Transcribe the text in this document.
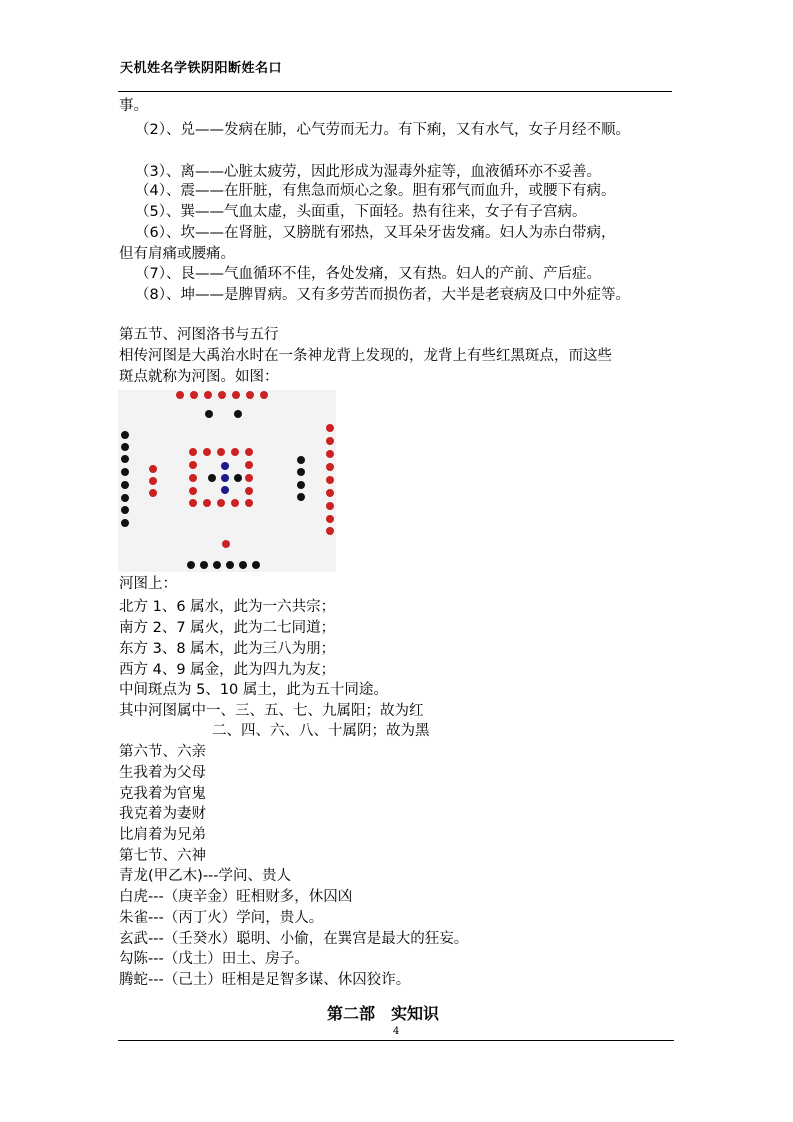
天机姓名学铁阴阳断姓名口
事。
（2）、兑——发病在肺，心气劳而无力。有下痢，又有水气，女子月经不顺。
（3）、离——心脏太疲劳，因此形成为湿毒外症等，血液循环亦不妥善。
（4）、震——在肝脏，有焦急而烦心之象。胆有邪气而血升，或腰下有病。
（5）、巽——气血太虚，头面重，下面轻。热有往来，女子有子宫病。
（6）、坎——在肾脏，又膀胱有邪热，又耳朵牙齿发痛。妇人为赤白带病，
但有肩痛或腰痛。
（7）、艮——气血循环不佳，各处发痛，又有热。妇人的产前、产后症。
（8）、坤——是脾胃病。又有多劳苦而损伤者，大半是老衰病及口中外症等。
第五节、河图洛书与五行
相传河图是大禹治水时在一条神龙背上发现的，龙背上有些红黑斑点，而这些
斑点就称为河图。如图：
河图上：
北方 1、6 属水，此为一六共宗；
南方 2、7 属火，此为二七同道；
东方 3、8 属木，此为三八为朋；
西方 4、9 属金，此为四九为友；
中间斑点为 5、10 属土，此为五十同途。
其中河图属中一、三、五、七、九属阳；故为红
二、四、六、八、十属阴；故为黑
第六节、六亲
生我着为父母
克我着为官鬼
我克着为妻财
比肩着为兄弟
第七节、六神
青龙(甲乙木)---学问、贵人
白虎---（庚辛金）旺相财多，休囚凶
朱雀---（丙丁火）学问，贵人。
玄武---（壬癸水）聪明、小偷，在巽宫是最大的狂妄。
勾陈---（戊土）田土、房子。
腾蛇---（己土）旺相是足智多谋、休囚狡诈。
第二部　实知识
4
